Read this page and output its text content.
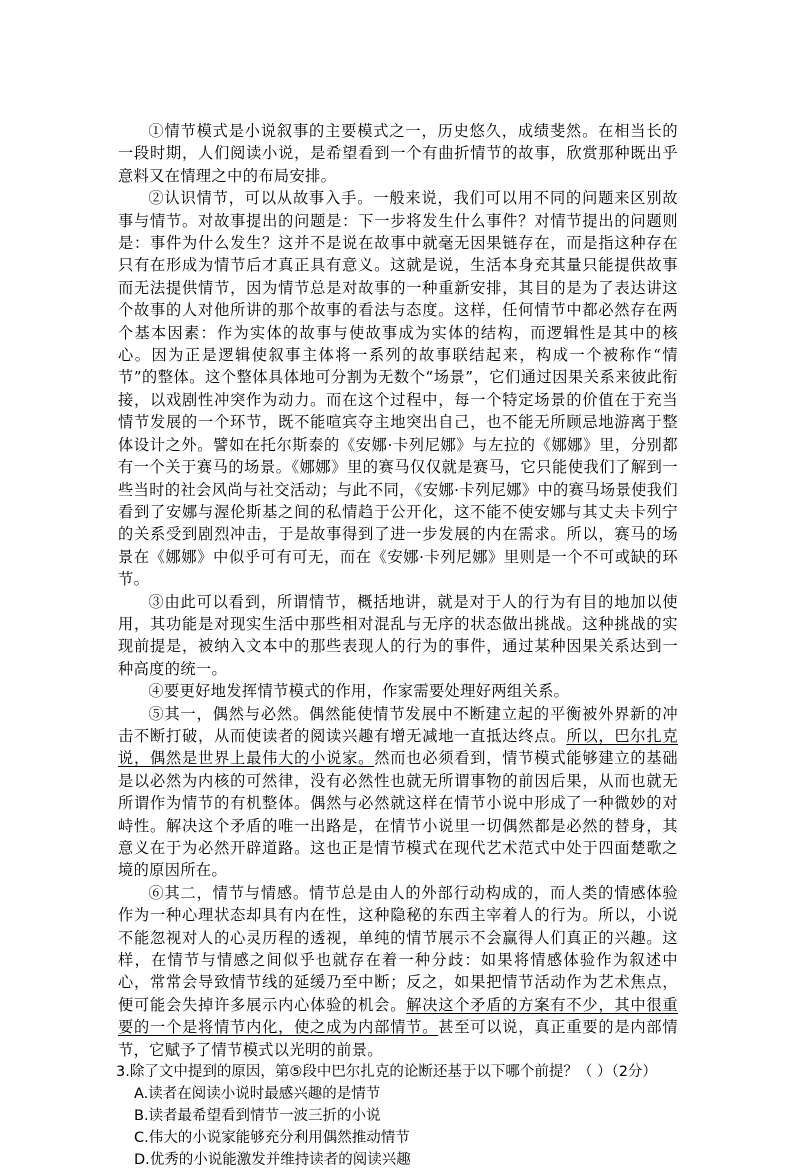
①情节模式是小说叙事的主要模式之一，历史悠久，成绩斐然。在相当长的一段时期，人们阅读小说，是希望看到一个有曲折情节的故事，欣赏那种既出乎意料又在情理之中的布局安排。

②认识情节，可以从故事入手。一般来说，我们可以用不同的问题来区别故事与情节。对故事提出的问题是：下一步将发生什么事件？对情节提出的问题则是：事件为什么发生？这并不是说在故事中就毫无因果链存在，而是指这种存在只有在形成为情节后才真正具有意义。这就是说，生活本身充其量只能提供故事而无法提供情节，因为情节总是对故事的一种重新安排，其目的是为了表达讲这个故事的人对他所讲的那个故事的看法与态度。这样，任何情节中都必然存在两个基本因素：作为实体的故事与使故事成为实体的结构，而逻辑性是其中的核心。因为正是逻辑使叙事主体将一系列的故事联结起来，构成一个被称作“情节”的整体。这个整体具体地可分割为无数个“场景”，它们通过因果关系来彼此衔接，以戏剧性冲突作为动力。而在这个过程中，每一个特定场景的价值在于充当情节发展的一个环节，既不能喧宾夺主地突出自己，也不能无所顾忌地游离于整体设计之外。譬如在托尔斯泰的《安娜·卡列尼娜》与左拉的《娜娜》里，分别都有一个关于赛马的场景。《娜娜》里的赛马仅仅就是赛马，它只能使我们了解到一些当时的社会风尚与社交活动；与此不同，《安娜·卡列尼娜》中的赛马场景使我们看到了安娜与渥伦斯基之间的私情趋于公开化，这不能不使安娜与其丈夫卡列宁的关系受到剧烈冲击，于是故事得到了进一步发展的内在需求。所以，赛马的场景在《娜娜》中似乎可有可无，而在《安娜·卡列尼娜》里则是一个不可或缺的环节。

③由此可以看到，所谓情节，概括地讲，就是对于人的行为有目的地加以使用，其功能是对现实生活中那些相对混乱与无序的状态做出挑战。这种挑战的实现前提是，被纳入文本中的那些表现人的行为的事件，通过某种因果关系达到一种高度的统一。

④要更好地发挥情节模式的作用，作家需要处理好两组关系。

⑤其一，偶然与必然。偶然能使情节发展中不断建立起的平衡被外界新的冲击不断打破，从而使读者的阅读兴趣有增无减地一直抵达终点。所以，巴尔扎克说，偶然是世界上最伟大的小说家。然而也必须看到，情节模式能够建立的基础是以必然为内核的可然律，没有必然性也就无所谓事物的前因后果，从而也就无所谓作为情节的有机整体。偶然与必然就这样在情节小说中形成了一种微妙的对峙性。解决这个矛盾的唯一出路是，在情节小说里一切偶然都是必然的替身，其意义在于为必然开辟道路。这也正是情节模式在现代艺术范式中处于四面楚歌之境的原因所在。

⑥其二，情节与情感。情节总是由人的外部行动构成的，而人类的情感体验作为一种心理状态却具有内在性，这种隐秘的东西主宰着人的行为。所以，小说不能忽视对人的心灵历程的透视，单纯的情节展示不会赢得人们真正的兴趣。这样，在情节与情感之间似乎也就存在着一种分歧：如果将情感体验作为叙述中心，常常会导致情节线的延缓乃至中断；反之，如果把情节活动作为艺术焦点，便可能会失掉许多展示内心体验的机会。解决这个矛盾的方案有不少，其中很重要的一个是将情节内化，使之成为内部情节。甚至可以说，真正重要的是内部情节，它赋予了情节模式以光明的前景。

3.除了文中提到的原因，第⑤段中巴尔扎克的论断还基于以下哪个前提？（ ）（2分）

A.读者在阅读小说时最感兴趣的是情节

B.读者最希望看到情节一波三折的小说

C.伟大的小说家能够充分利用偶然推动情节

D.优秀的小说能激发并维持读者的阅读兴趣
